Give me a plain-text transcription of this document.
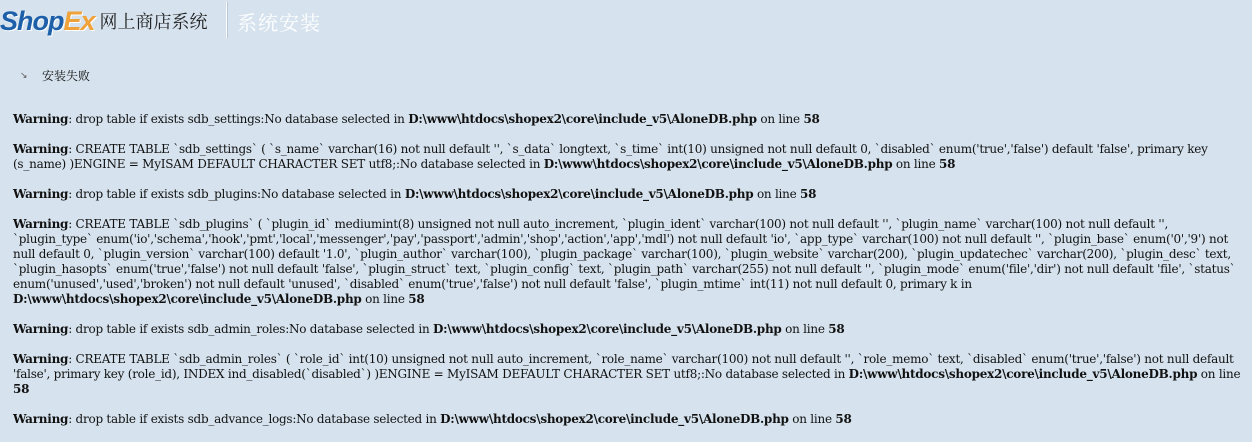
Shop Ex 网上商店系统 系统安装
↘	安装失败
Warning: drop table if exists sdb_settings:No database selected in D:\www\htdocs\shopex2\core\include_v5\AloneDB.php on line 58
Warning: CREATE TABLE `sdb_settings` ( `s_name` varchar(16) not null default '', `s_data` longtext, `s_time` int(10) unsigned not null default 0, `disabled` enum('true','false') default 'false', primary key (s_name) )ENGINE = MyISAM DEFAULT CHARACTER SET utf8;:No database selected in D:\www\htdocs\shopex2\core\include_v5\AloneDB.php on line 58
Warning: drop table if exists sdb_plugins:No database selected in D:\www\htdocs\shopex2\core\include_v5\AloneDB.php on line 58
Warning: CREATE TABLE `sdb_plugins` ( `plugin_id` mediumint(8) unsigned not null auto_increment, `plugin_ident` varchar(100) not null default '', `plugin_name` varchar(100) not null default '', `plugin_type` enum('io','schema','hook','pmt','local','messenger','pay','passport','admin','shop','action','app','mdl') not null default 'io', `app_type` varchar(100) not null default '', `plugin_base` enum('0','9') not null default 0, `plugin_version` varchar(100) default '1.0', `plugin_author` varchar(100), `plugin_package` varchar(100), `plugin_website` varchar(200), `plugin_updatechec` varchar(200), `plugin_desc` text, `plugin_hasopts` enum('true','false') not null default 'false', `plugin_struct` text, `plugin_config` text, `plugin_path` varchar(255) not null default '', `plugin_mode` enum('file','dir') not null default 'file', `status` enum('unused','used','broken') not null default 'unused', `disabled` enum('true','false') not null default 'false', `plugin_mtime` int(11) not null default 0, primary k in D:\www\htdocs\shopex2\core\include_v5\AloneDB.php on line 58
Warning: drop table if exists sdb_admin_roles:No database selected in D:\www\htdocs\shopex2\core\include_v5\AloneDB.php on line 58
Warning: CREATE TABLE `sdb_admin_roles` ( `role_id` int(10) unsigned not null auto_increment, `role_name` varchar(100) not null default '', `role_memo` text, `disabled` enum('true','false') not null default 'false', primary key (role_id), INDEX ind_disabled(`disabled`) )ENGINE = MyISAM DEFAULT CHARACTER SET utf8;:No database selected in D:\www\htdocs\shopex2\core\include_v5\AloneDB.php on line 58
Warning: drop table if exists sdb_advance_logs:No database selected in D:\www\htdocs\shopex2\core\include_v5\AloneDB.php on line 58
